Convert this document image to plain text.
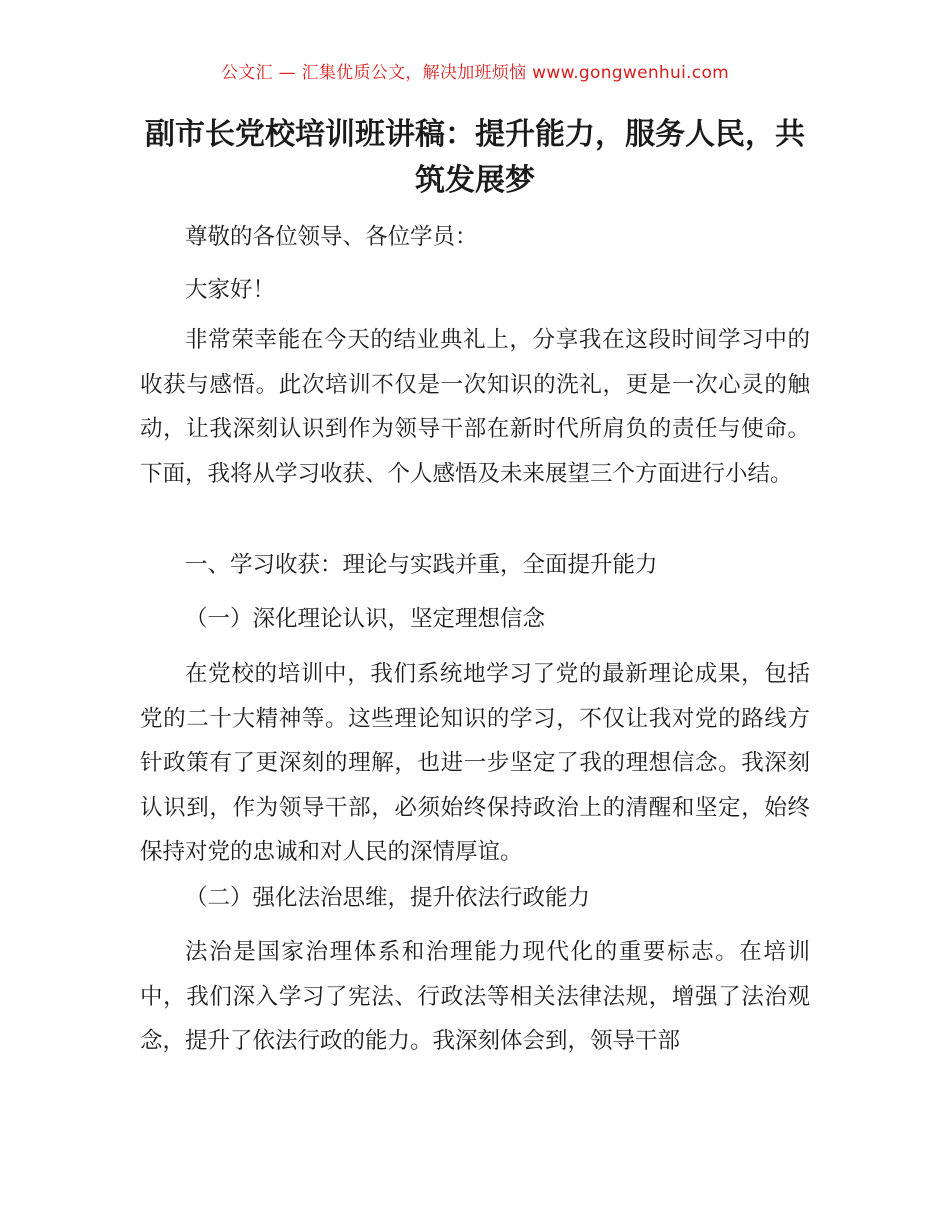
公文汇 — 汇集优质公文，解决加班烦恼 www.gongwenhui.com
副市长党校培训班讲稿：提升能力，服务人民，共筑发展梦

尊敬的各位领导、各位学员：

大家好！

非常荣幸能在今天的结业典礼上，分享我在这段时间学习中的收获与感悟。此次培训不仅是一次知识的洗礼，更是一次心灵的触动，让我深刻认识到作为领导干部在新时代所肩负的责任与使命。下面，我将从学习收获、个人感悟及未来展望三个方面进行小结。

一、学习收获：理论与实践并重，全面提升能力

（一）深化理论认识，坚定理想信念

在党校的培训中，我们系统地学习了党的最新理论成果，包括党的二十大精神等。这些理论知识的学习，不仅让我对党的路线方针政策有了更深刻的理解，也进一步坚定了我的理想信念。我深刻认识到，作为领导干部，必须始终保持政治上的清醒和坚定，始终保持对党的忠诚和对人民的深情厚谊。

（二）强化法治思维，提升依法行政能力

法治是国家治理体系和治理能力现代化的重要标志。在培训中，我们深入学习了宪法、行政法等相关法律法规，增强了法治观念，提升了依法行政的能力。我深刻体会到，领导干部
